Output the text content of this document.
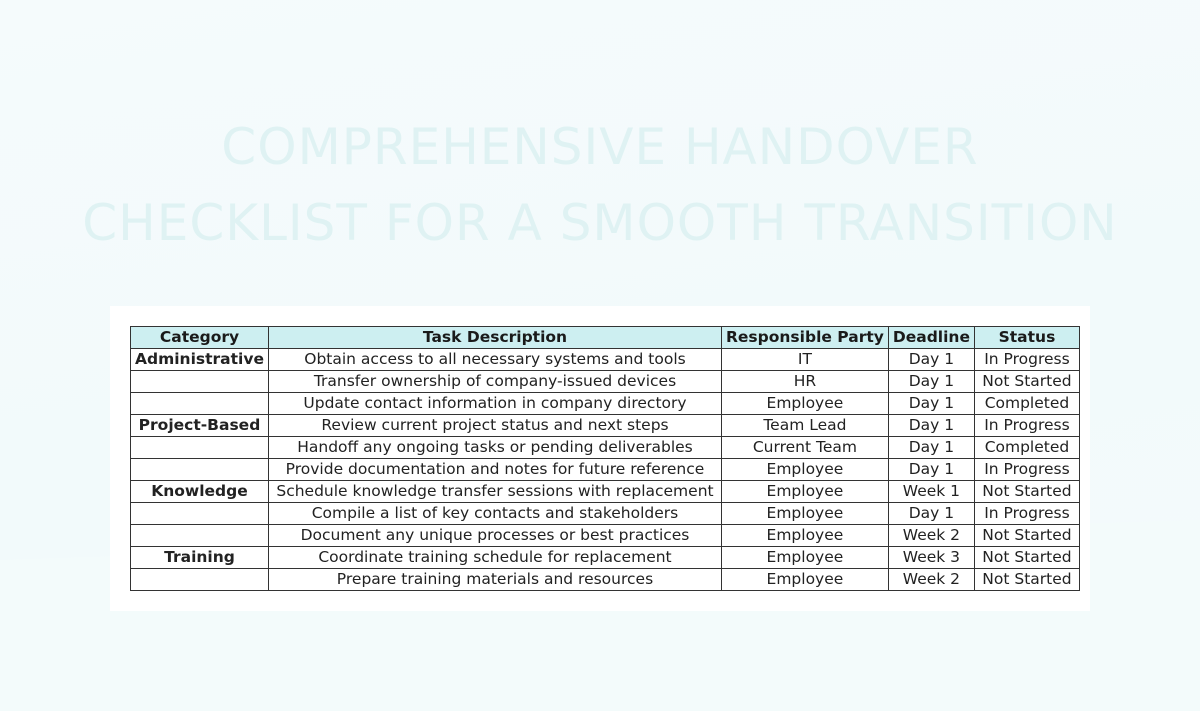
COMPREHENSIVE HANDOVER
CHECKLIST FOR A SMOOTH TRANSITION
Category	Task Description	Responsible Party	Deadline	Status
Administrative	Obtain access to all necessary systems and tools	IT	Day 1	In Progress
	Transfer ownership of company-issued devices	HR	Day 1	Not Started
	Update contact information in company directory	Employee	Day 1	Completed
Project-Based	Review current project status and next steps	Team Lead	Day 1	In Progress
	Handoff any ongoing tasks or pending deliverables	Current Team	Day 1	Completed
	Provide documentation and notes for future reference	Employee	Day 1	In Progress
Knowledge	Schedule knowledge transfer sessions with replacement	Employee	Week 1	Not Started
	Compile a list of key contacts and stakeholders	Employee	Day 1	In Progress
	Document any unique processes or best practices	Employee	Week 2	Not Started
Training	Coordinate training schedule for replacement	Employee	Week 3	Not Started
	Prepare training materials and resources	Employee	Week 2	Not Started
